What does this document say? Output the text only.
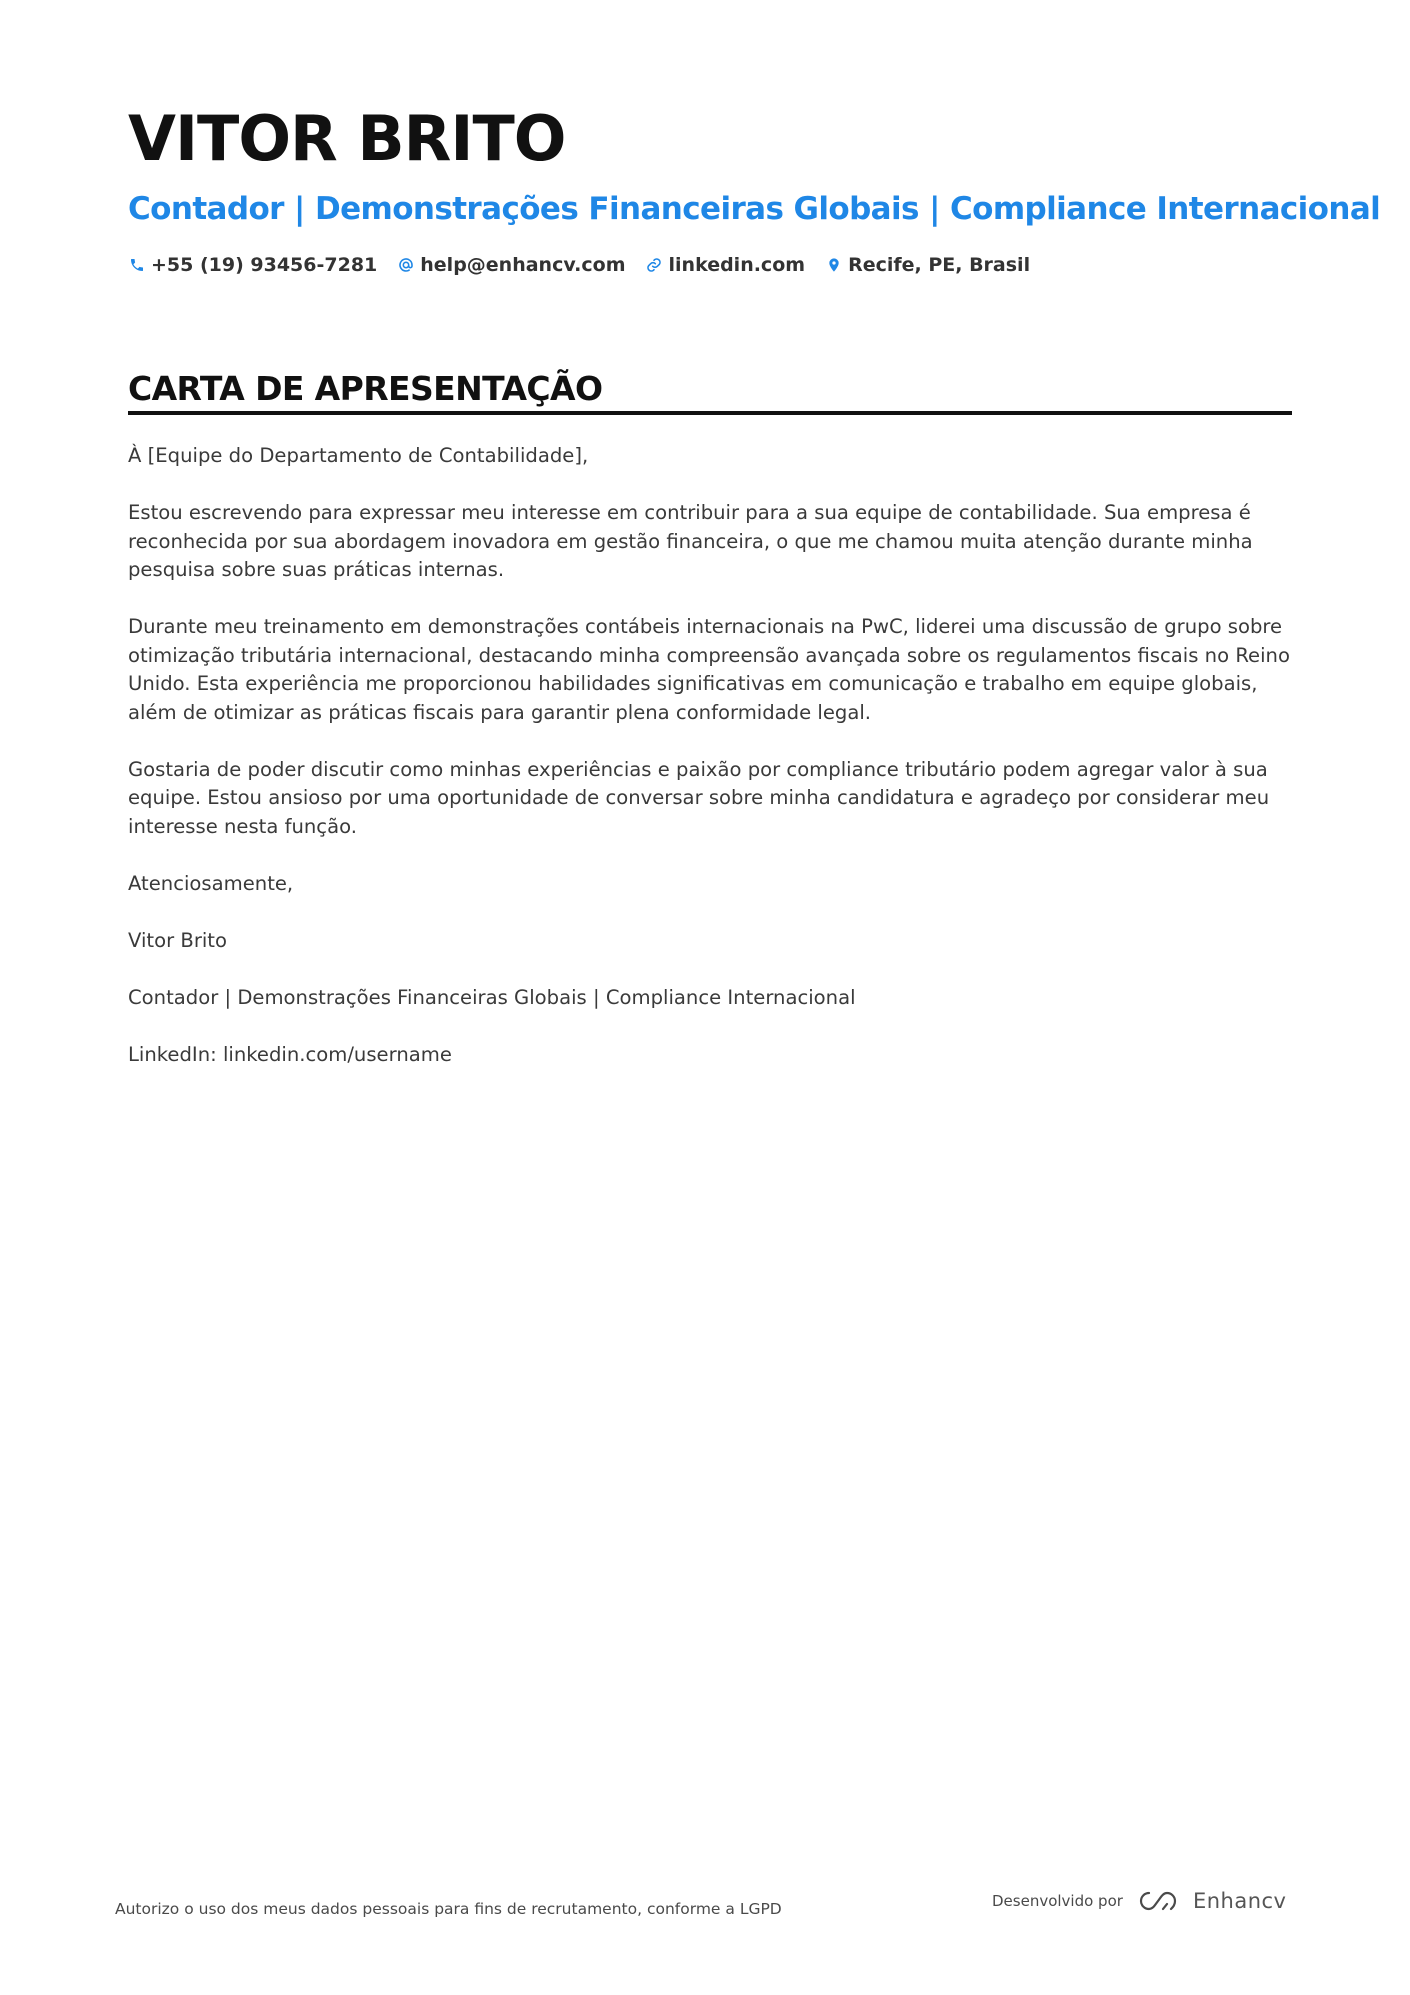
VITOR BRITO
Contador | Demonstrações Financeiras Globais | Compliance Internacional
+55 (19) 93456-7281 help@enhancv.com linkedin.com Recife, PE, Brasil
CARTA DE APRESENTAÇÃO

À [Equipe do Departamento de Contabilidade],

Estou escrevendo para expressar meu interesse em contribuir para a sua equipe de contabilidade. Sua empresa é reconhecida por sua abordagem inovadora em gestão financeira, o que me chamou muita atenção durante minha pesquisa sobre suas práticas internas.

Durante meu treinamento em demonstrações contábeis internacionais na PwC, liderei uma discussão de grupo sobre otimização tributária internacional, destacando minha compreensão avançada sobre os regulamentos fiscais no Reino Unido. Esta experiência me proporcionou habilidades significativas em comunicação e trabalho em equipe globais, além de otimizar as práticas fiscais para garantir plena conformidade legal.

Gostaria de poder discutir como minhas experiências e paixão por compliance tributário podem agregar valor à sua equipe. Estou ansioso por uma oportunidade de conversar sobre minha candidatura e agradeço por considerar meu interesse nesta função.

Atenciosamente,

Vitor Brito

Contador | Demonstrações Financeiras Globais | Compliance Internacional

LinkedIn: linkedin.com/username

Autorizo o uso dos meus dados pessoais para fins de recrutamento, conforme a LGPD	Desenvolvido por	Enhancv
